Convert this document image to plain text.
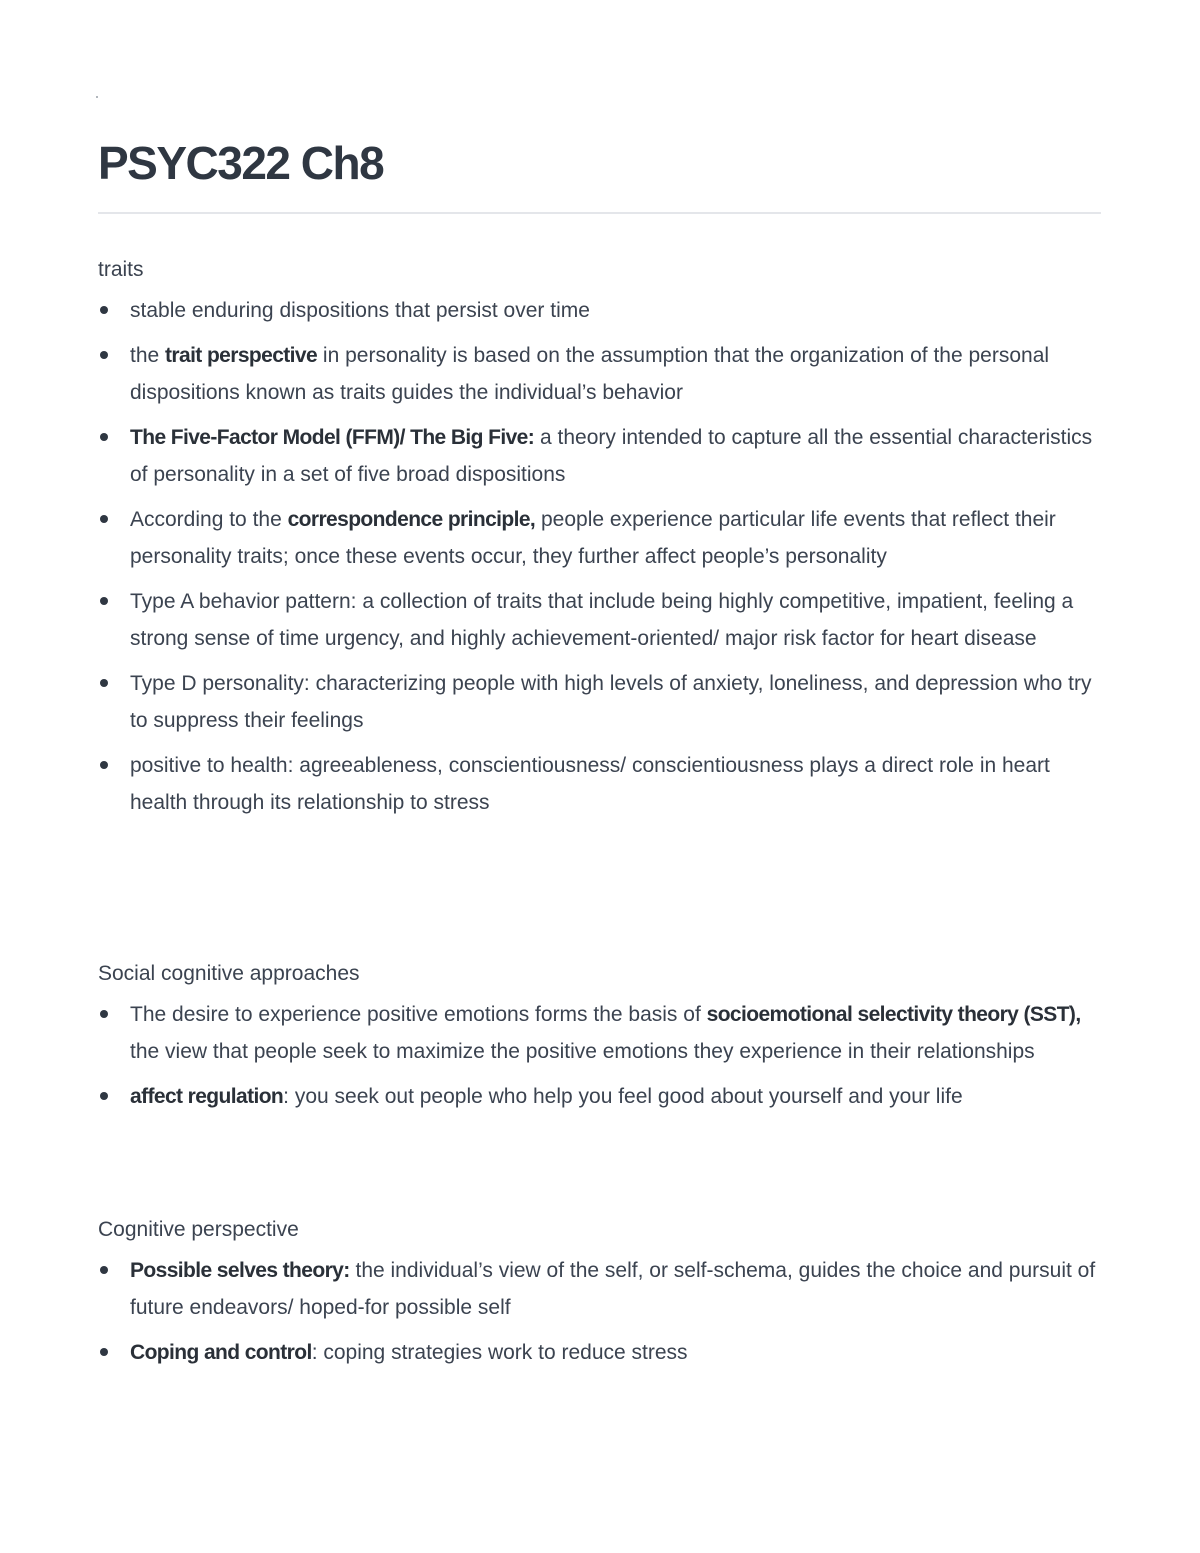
PSYC322 Ch8

traits

stable enduring dispositions that persist over time
the trait perspective in personality is based on the assumption that the organization of the personal dispositions known as traits guides the individual’s behavior
The Five-Factor Model (FFM)/ The Big Five: a theory intended to capture all the essential characteristics of personality in a set of five broad dispositions
According to the correspondence principle, people experience particular life events that reflect their personality traits; once these events occur, they further affect people’s personality
Type A behavior pattern: a collection of traits that include being highly competitive, impatient, feeling a strong sense of time urgency, and highly achievement-oriented/ major risk factor for heart disease
Type D personality: characterizing people with high levels of anxiety, loneliness, and depression who try to suppress their feelings
positive to health: agreeableness, conscientiousness/ conscientiousness plays a direct role in heart health through its relationship to stress

Social cognitive approaches

The desire to experience positive emotions forms the basis of socioemotional selectivity theory (SST), the view that people seek to maximize the positive emotions they experience in their relationships
affect regulation: you seek out people who help you feel good about yourself and your life

Cognitive perspective

Possible selves theory: the individual’s view of the self, or self-schema, guides the choice and pursuit of future endeavors/ hoped-for possible self
Coping and control: coping strategies work to reduce stress
